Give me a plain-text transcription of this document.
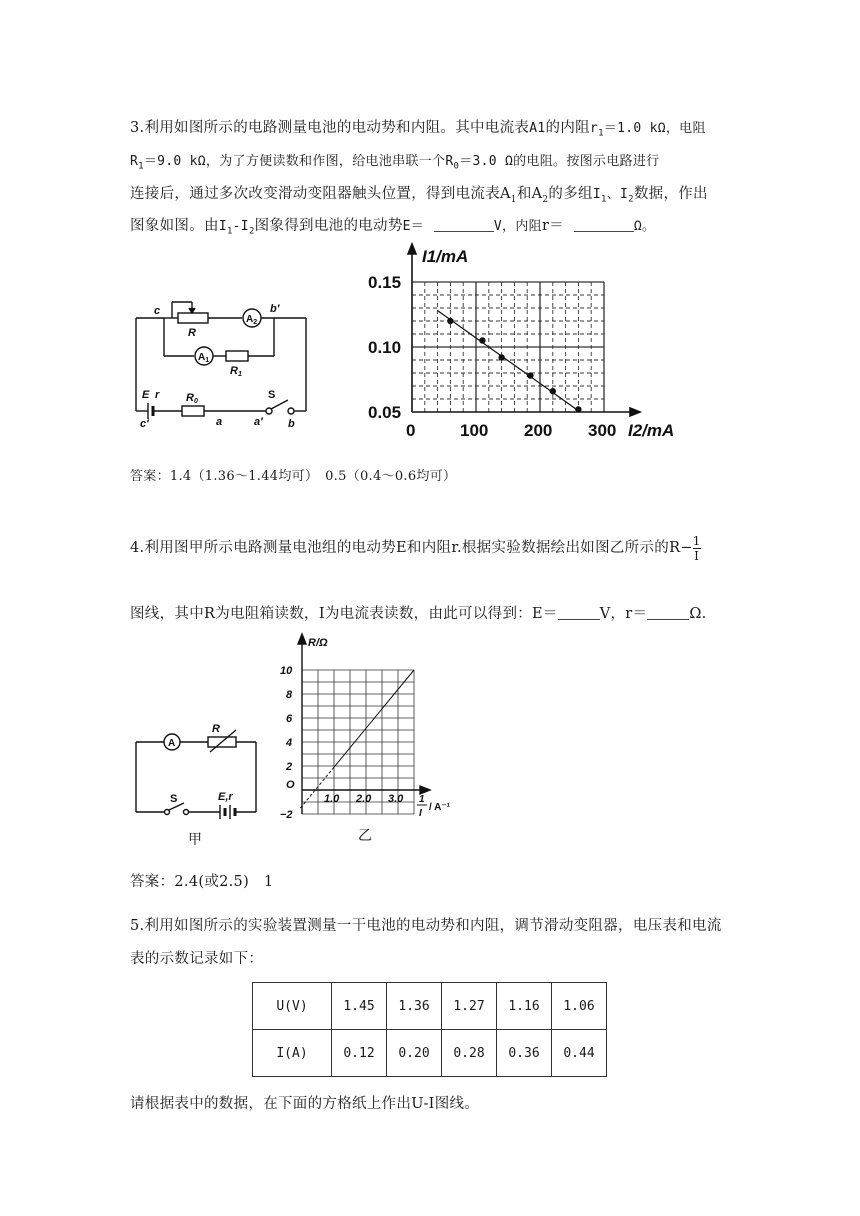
3.利用如图所示的电路测量电池的电动势和内阻。其中电流表A1的内阻$r_1=1.0$ kΩ，电阻

$R_1=9.0$ kΩ，为了方便读数和作图，给电池串联一个$R_0=3.0$ Ω的电阻。按图示电路进行

连接后，通过多次改变滑动变阻器触头位置，得到电流表$A_1$和$A_2$的多组$I_1$、$I_2$数据，作出

图象如图。由$I_1-I_2$图象得到电池的电动势E＝	V，内阻r＝	Ω。

c
R
$A_2$
b′
$A_1$
R1
E r R0
S
c′	a	a′ b
0.15
0.10
0.05
0	100 200 300
I1/mA
I2/mA

答案：1.4（1.36～1.44均可）　0.5（0.4～0.6均可）

4.利用图甲所示电路测量电池组的电动势E和内阻r.根据实验数据绘出如图乙所示的$R- \frac{1}{I}$

图线，其中R为电阻箱读数，I为电流表读数，由此可以得到：E＝	V，r＝	Ω.

A
R
S	E,r
甲
10
8
6
4
2
O
−2
1.0 2.0 3.0
R/Ω
1
I
/ A⁻¹
乙

答案：2.4(或2.5)　1

5.利用如图所示的实验装置测量一干电池的电动势和内阻，调节滑动变阻器，电压表和电流

表的示数记录如下：

U(V)	1.45	1.36	1.27	1.16	1.06
I(A)	0.12	0.20	0.28	0.36	0.44

请根据表中的数据，在下面的方格纸上作出U-I图线。
